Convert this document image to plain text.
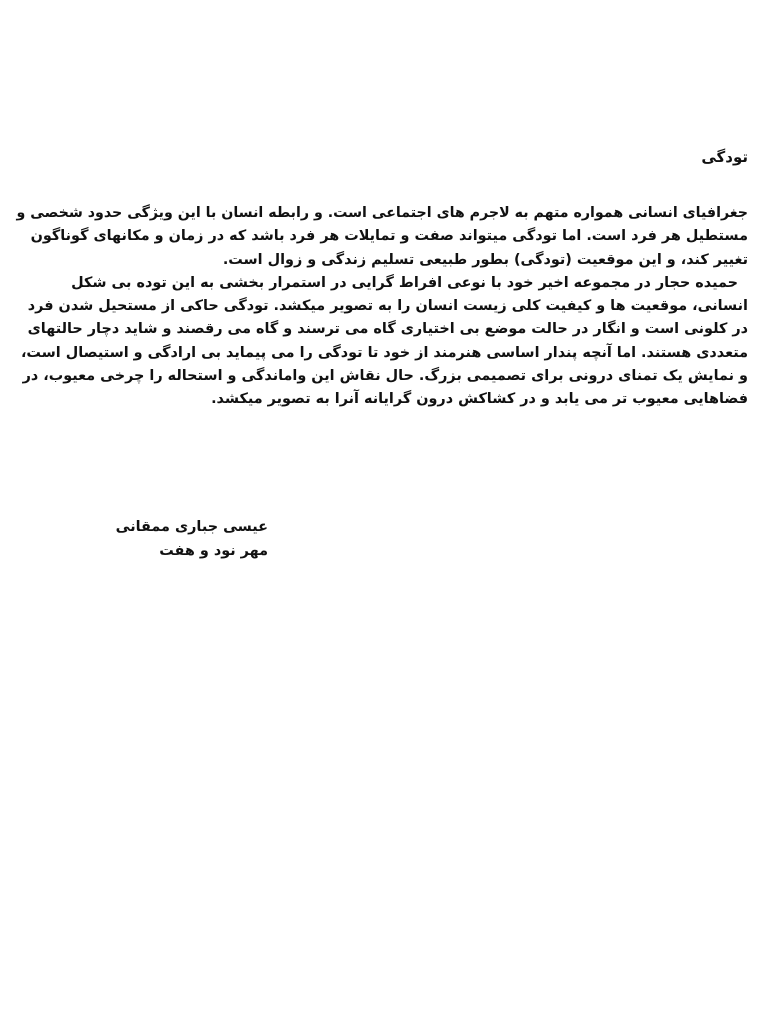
تودگی
جغرافیای انسانی همواره متهم به لاجرم های اجتماعی است. و رابطه انسان با این ویژگی حدود شخصی و
مستطیل هر فرد است. اما تودگی میتواند صفت و تمایلات هر فرد باشد که در زمان و مکانهای گوناگون
تغییر کند، و این موقعیت (تودگی) بطور طبیعی تسلیم زندگی و زوال است.
حمیده حجار در مجموعه اخیر خود با نوعی افراط گرایی در استمرار بخشی به این توده بی شکل
انسانی، موقعیت ها و کیفیت کلی زیست انسان را به تصویر میکشد. تودگی حاکی از مستحیل شدن فرد
در کلونی است و انگار در حالت موضع بی اختیاری گاه می ترسند و گاه می رقصند و شاید دچار حالتهای
متعددی هستند. اما آنچه پندار اساسی هنرمند از خود تا تودگی را می پیماید بی ارادگی و استیصال است،
و نمایش یک تمنای درونی برای تصمیمی بزرگ. حال نقاش این واماندگی و استحاله را چرخی معیوب، در
فضاهایی معیوب تر می یابد و در کشاکش درون گرایانه آنرا به تصویر میکشد.
عیسی جباری ممقانی
مهر نود و هفت
